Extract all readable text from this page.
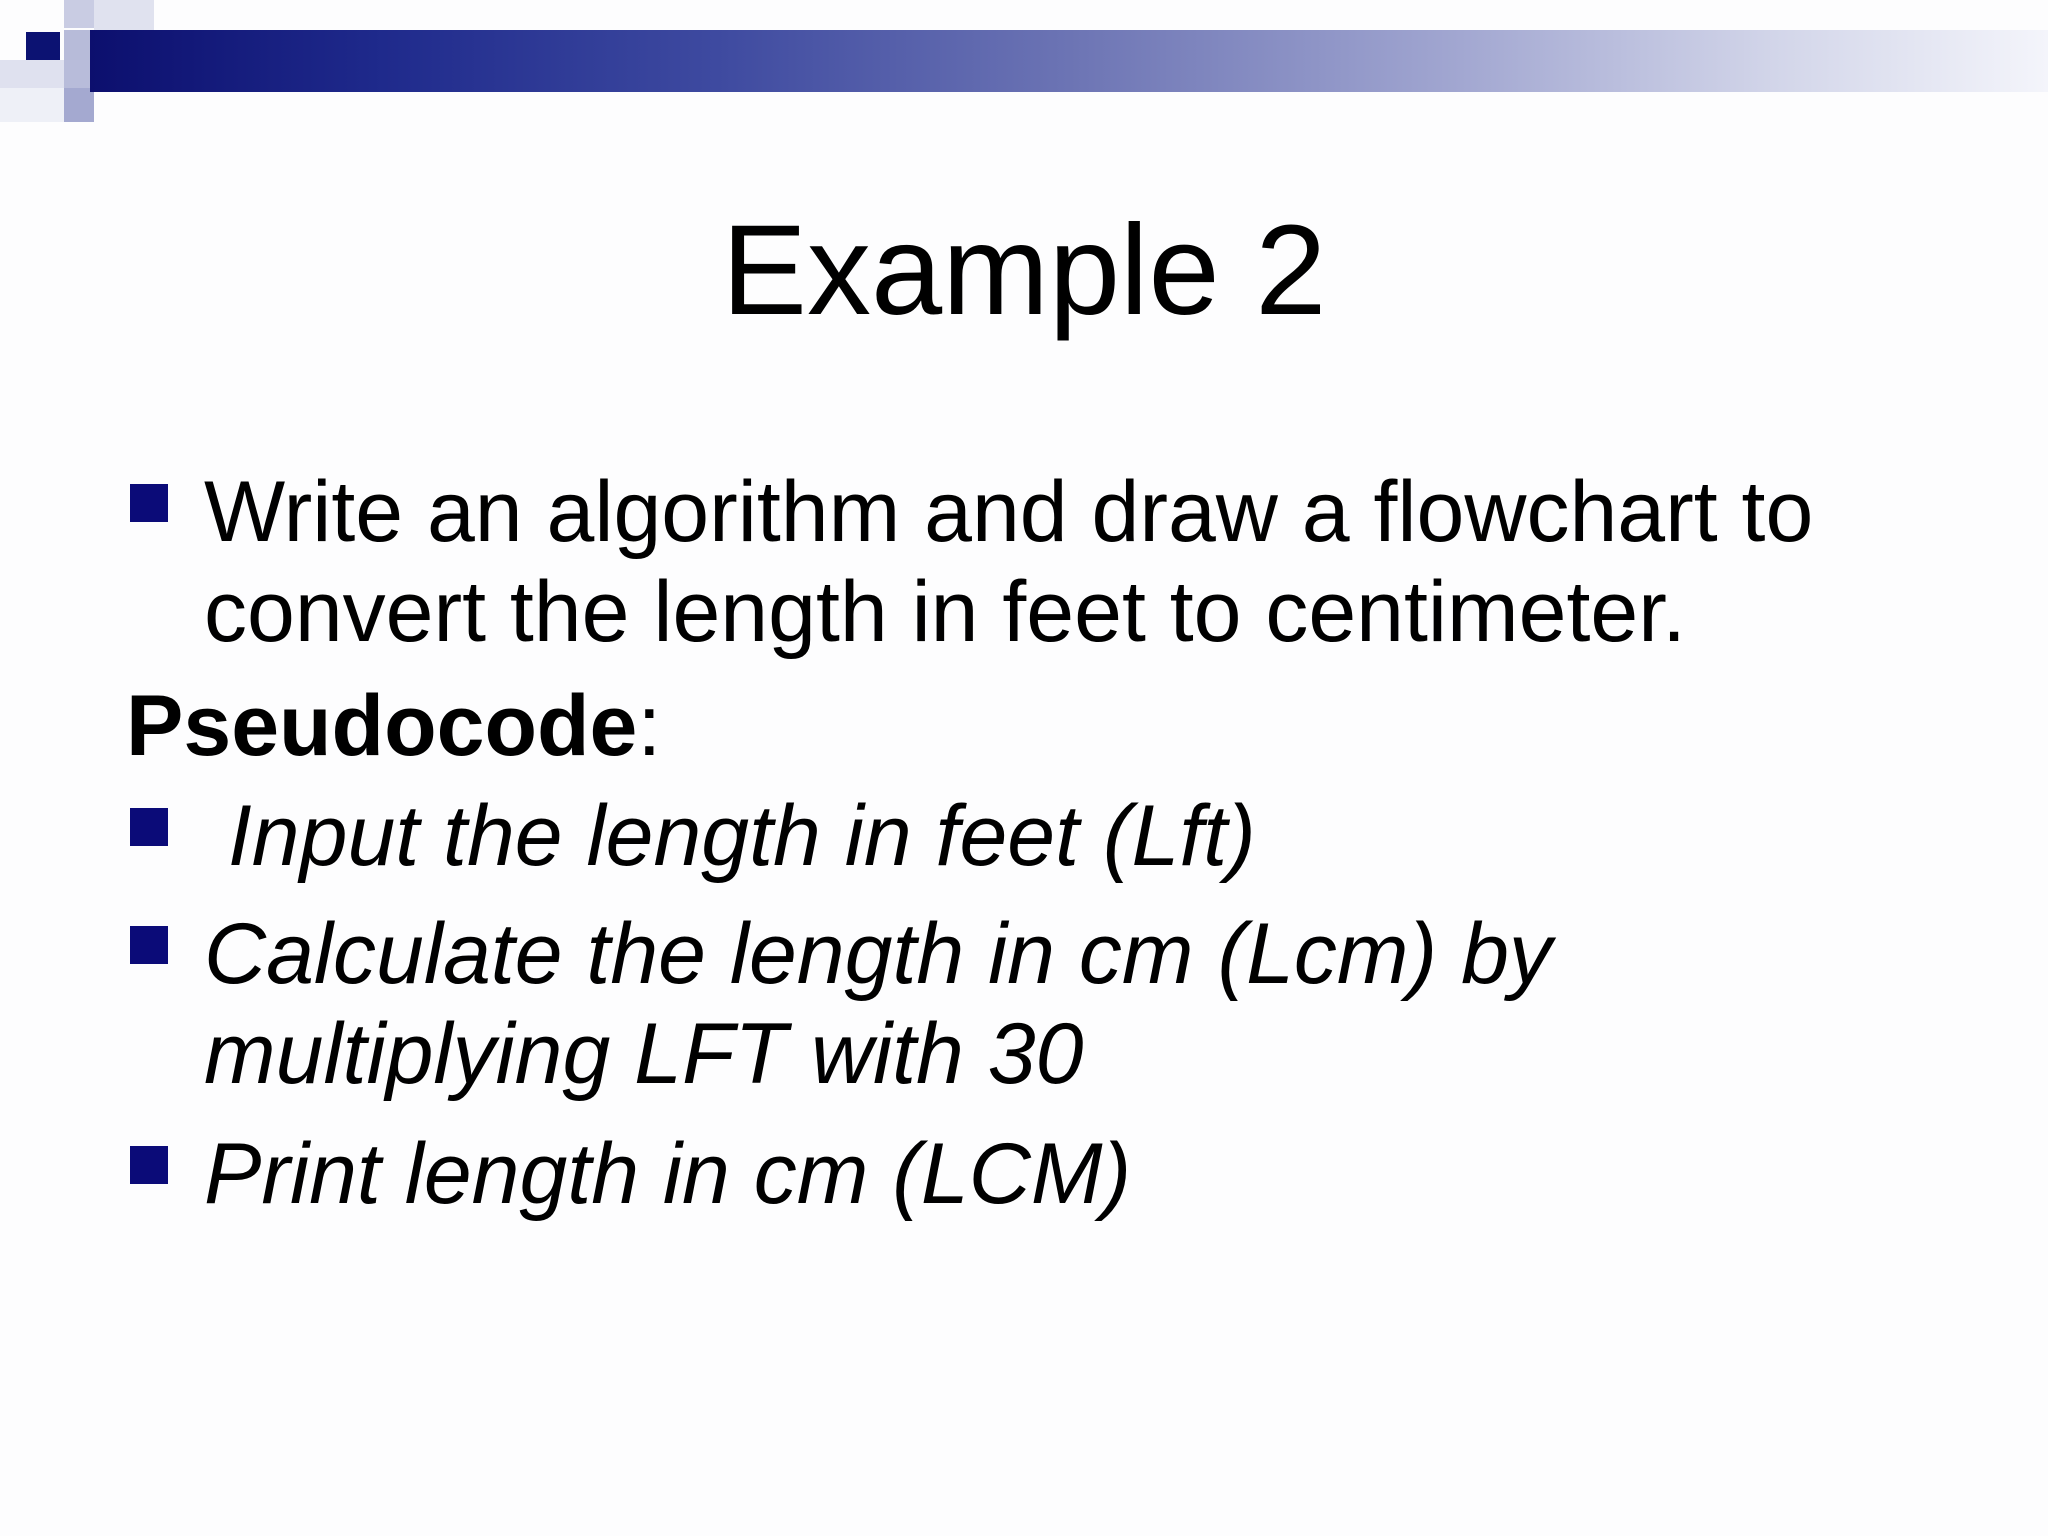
Example 2
Write an algorithm and draw a flowchart to
convert the length in feet to centimeter.
Pseudocode:
Input the length in feet (Lft)
Calculate the length in cm (Lcm) by
multiplying LFT with 30
Print length in cm (LCM)
